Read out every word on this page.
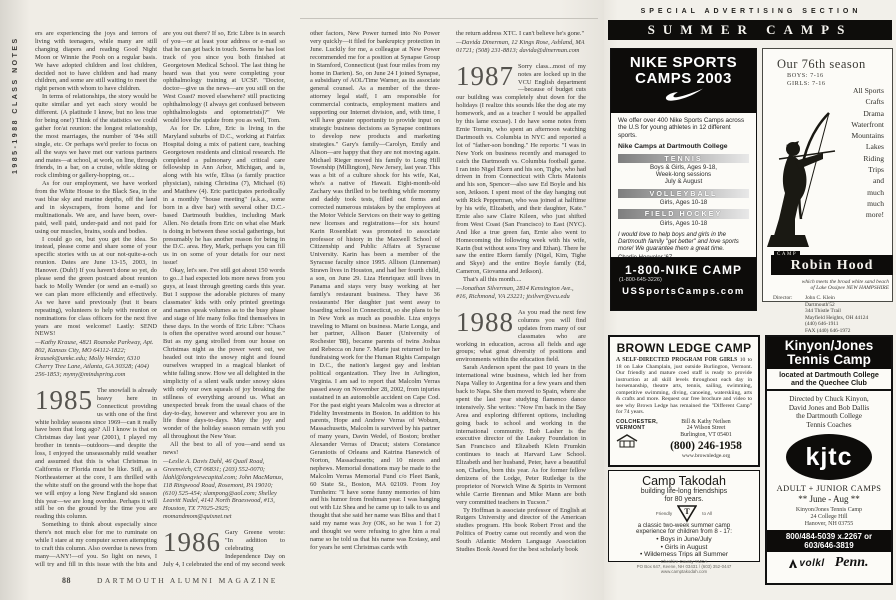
1985-1988 CLASS NOTES

ers are experiencing the joys and terrors of living with teenagers, while many are still changing diapers and reading Good Night Moon or Winnie the Pooh on a regular basis. We have adopted children and lost children, decided not to have children and had many children, and some are still waiting to meet the right person with whom to have children.

In terms of relationships, the story would be quite similar and yet each story would be different. (A platitude I know, but no less true for being one!) Think of the statistics we could gather for/at reunion: the longest relationship, the most marriages, the number of '84s still single, etc. Or perhaps we'd prefer to focus on all the ways we have met our various partners and mates—at school, at work, on line, through friends, in a bar, on a cruise, while skiing or rock climbing or gallery-hopping, or....

As for our employment, we have worked from the White House to the Black Sea, in the vast blue sky and marine depths, off the land and in skyscrapers, from home and for multinationals. We are, and have been, over-paid, well paid, under-paid and not paid for using our muscles, brains, souls and bodies.

I could go on, but you get the idea. So instead, please come and share some of your specific stories with us at our not-quite-a-och reunion. Dates are June 13-15, 2003, in Hanover. (Duh!) If you haven't done so yet, do please send the green postcard about reunion back to Molly Wender (or send an e-mail) so we can plan more efficiently and effectively. As we have said previously (but it bears repeating), volunteers to help with reunion or nominations for class officers for the next five years are most welcome! Lastly: SEND NEWS!

—Kathy Krause, 4821 Roanoke Parkway, Apt. 802, Kansas City, MO 64112-1822; krausek@umkc.edu; Molly Wender, 6310 Cherry Tree Lane, Atlanta, GA 30328; (404) 256-1853; mymy@mindspring.com

1985 The snowfall is already heavy here in Connecticut providing us with one of the first white holiday seasons since 1969—can it really have been that long ago? All I know is that on Christmas day last year (2001), I played my brother in tennis—outdoors—and despite the loss, I enjoyed the unseasonably mild weather and assumed that this is what Christmas in California or Florida must be like. Still, as a Northeasterner at the core, I am thrilled with the white stuff on the ground with the hope that we will enjoy a long New England ski season this year—we are long overdue. Perhaps it will still be on the ground by the time you are reading this column.

Something to think about especially since there's not much else for me to ruminate on while I stare at my computer screen attempting to craft this column. Also overdue is news from many—ANY!—of you. So light on news, I will try and fill in this issue with the bits and

are you out there? If so, Eric Libre is in search of you—or at least your address or e-mail so that he can get back in touch. Seems he has lost track of you since you both finished at Georgetown Medical School. The last thing he heard was that you were completing your ophthalmology training at UCSF. "Doctor, doctor—give us the news—are you still on the West Coast? moved elsewhere? still practicing ophthalmology (I always get confused between ophthalmologists and optometrists)?" We would love the update from you as well, Tom.

As for Dr. Libre, Eric is living in the Maryland suburbs of D.C., working at Fairfax Hospital doing a mix of patient care, teaching Georgetown residents and clinical research. He completed a pulmonary and critical care fellowship in Ann Arbor, Michigan, and is, along with his wife, Elisa (a family practice physician), raising Christina (7), Michael (6) and Matthew (4). Eric participates periodically in a monthly "house meeting" (a.k.a., some born in a dive bar) with several other D.C.-based Dartmouth buddies, including Mark Allen. No details from Eric on what else Mark is doing in between these social gatherings, but presumably he has another reason for being in the D.C. area. Hey, Mark, perhaps you can fill us in on some of your details for our next issue!

Okay, let's see. I've still got about 150 words to go...I had expected lots more news from you guys, at least through greeting cards this year. But I suppose the adorable pictures of many classmates' kids with only printed greetings and names speak volumes as to the busy phase and stage of life many folks find themselves in these days. In the words of Eric Libre: "Chaos is often the operative word around our house." But as my gang strolled from our house on Christmas night as the power went out, we headed out into the snowy night and found ourselves wrapped in a magical blanket of white falling snow. How we all delighted in the simplicity of a silent walk under snowy skies with only our own squeals of joy breaking the stillness of everything around us. What an unexpected break from the usual chaos of the day-to-day, however and wherever you are in life these days-to-days. May the joy and wonder of the holiday season remain with you all throughout the New Year.

All the best to all of you—and send us news!

—Leslie A. Davis Dahl, 46 Quail Road, Greenwich, CT 06831; (203) 552-0070; ldahl@longviewcapital.com; John MacManus, 118 Ringwood Road, Rosemont, PA 19010; (610) 525-454; slampong@aol.com; Shelley Leavitt Nadel, 4141 North Braeswood, #13, Houston, TX 77025-2925; momandmom@quixnet.net

1986 Gary Greene wrote: "In addition to celebrating Independence Day on July 4, I celebrated the end of my second week

other factors, New Power turned into No Power very quickly—it filed for bankruptcy protection in June. Luckily for me, a colleague at New Power recommended me for a position at Synapse Group in Stamford, Connecticut (just four miles from my home in Darien). So, on June 24 I joined Synapse, a subsidiary of AOL/Time Warner, as its associate general counsel. As a member of the three-attorney legal staff, I am responsible for commercial contracts, employment matters and supporting our Internet division, and, with time, I will have greater opportunity to provide input on strategic business decisions as Synapse continues to develop new products and marketing strategies." Gary's family—Carolyn, Emily and Alison—are happy that they are not moving again. Michael Rieger moved his family to Long Hill Township (Millington), New Jersey, last year. This was a bit of a culture shock for his wife, Kai, who's a native of Hawaii. Eight-month-old Zachary was thrilled to be teething while mommy and daddy took tests, filled out forms and corrected numerous mistakes by the employees at the Motor Vehicle Services on their way to getting new licenses and registrations—for six hours! Karin Rosenblatt was promoted to associate professor of history in the Maxwell School of Citizenship and Public Affairs at Syracuse University. Karin has been a member of the Syracuse faculty since 1995. Allison (Linneman) Strawn lives in Houston, and had her fourth child, a son, on June 29. Liza Henriquez still lives in Panama and stays very busy working at her family's restaurant business. They have 36 restaurants! Her daughter just went away to boarding school in Connecticut, so she plans to be in New York as much as possible. Liza enjoys traveling to Miami on business. Marie Longa, and her partner, Allison Bauer (University of Rochester '88), became parents of twins Joshua and Rebecca on June 7. Marie just returned to her fundraising work for the Human Rights Campaign in D.C., the nation's largest gay and lesbian political organization. They live in Arlington, Virginia. I am sad to report that Malcolm Verras passed away on November 28, 2002, from injuries sustained in an automobile accident on Cape Cod. For the past eight years Malcolm was a director at Fidelity Investments in Boston. In addition to his parents, Hope and Andrew Verras of Woburn, Massachusetts, Malcolm is survived by his partner of many years, Davin Wedel, of Boston; brother Alexander Verras of Dracut; sisters Constance Geraniotis of Orleans and Katrina Hanewich of Norton, Massachusetts; and 10 nieces and nephews. Memorial donations may be made to the Malcolm Verras Memorial Fund c/o Fleet Bank, 60 State St., Boston, MA 02109. From Joy Turnheim: "I have some funny memories of him and his humor from freshman year. I was hanging out with Liz Shea and he came up to talk to us and thought that she said her name was Bliss and that I said my name was Joy (OK, so he was 1 for 2) and thought we were refusing to give him a real name so he told us that his name was Ecstasy, and for years he sent Christmas cards with

the return address XTC. I can't believe he's gone."

—Davida Dinerman, 12 Kings Rose, Ashland, MA 01721; (508) 231-8813; davida@dinerman.com

1987 Sorry class...most of my notes are locked up in the VCU English department—because of budget cuts our building was completely shut down for the holidays (I realize this sounds like the dog ate my homework, and as a teacher I would be appalled by this lame excuse). I do have some notes from Ernie Torrain, who spent an afternoon watching Dartmouth vs. Columbia in NYC and reported a lot of "father-son bonding." He reports: "I was in New York on business recently and managed to catch the Dartmouth vs. Columbia football game. I ran into Nigel Ekern and his son, Tighe, who had driven in from Connecticut with Chris Matonis and his son, Spencer—also saw Ed Boyle and his son, Jeikson. I spent most of the day hanging out with Rick Pepperman, who was joined at halftime by his wife, Elizabeth, and their daughter, Kate." Ernie also saw Claire Kileen, who just shifted from West Coast (San Francisco) to East (NYC). And like a true green fan, Ernie also went to Homecoming the following week with his wife, Karin (but without sons Trey and Ethan). There he saw the entire Ekern family (Nigel, Kim, Tighe and Skye) and the entire Boyle family (Ed, Cameron, Giovanna and Jeikson).

That's all this month....

—Jonathan Silverman, 2814 Kensington Ave., #16, Richmond, VA 23221; jtsilver@vcu.edu

1988 As you read the next few columns you will find updates from many of our classmates who are working in education, across all fields and age groups; what great diversity of positions and environments within the education field.

Sarah Anderson spent the past 10 years in the international wine business, which led her from Napa Valley to Argentina for a few years and then back to Napa. She then moved to Spain, where she spent the last year studying flamenco dance intensively. She writes: "Now I'm back in the Bay Area and exploring different options, including going back to school and working in the international community. Bob Lasher is the executive director of the Leakey Foundation in San Francisco and Elizabeth Klein Frumkin continues to teach at Harvard Law School. Elizabeth and her husband, Peter, have a beautiful son, Charles, born this year. As for former fellow denizens of the Lodge, Peter Rutledge is the proprietor of Norwich Wine & Spirits in Vermont while Carrie Brennan and Mike Mann are both very committed teachers in Tucson."

Ty Hoffman is associate professor of English at Rutgers University and director of the American studies program. His book Robert Frost and the Politics of Poetry came out recently and won the South Atlantic Modern Language Association Studies Book Award for the best scholarly book

88	DARTMOUTH ALUMNI MAGAZINE
SPECIAL ADVERTISING SECTION
SUMMER CAMPS
NIKE SPORTS
CAMPS 2003
We offer over 400 Nike Sports Camps across the U.S for young athletes in 12 different sports.
Nike Camps at Dartmouth College
TENNIS
Boys & Girls, Ages 9-18,
Week-long sessions
July & August
VOLLEYBALL
Girls, Ages 10-18
FIELD HOCKEY
Girls, Ages 10-18
I would love to help boys and girls in the Dartmouth family "get better" and love sports more! We guarantee them a great time.
1-800-NIKE CAMP
(1-800-645-3226)
USSportsCamps.com
Our 76th season
BOYS: 7-16
GIRLS: 7-16
All Sports
Crafts
Drama
Waterfront
Mountains
Lakes
Riding
Trips
and
much
much
more!
CAMP
Robin Hood
which meets the broad white sand beach
of Lake Ossipee NEW HAMPSHIRE
Director:	John C. Klein
Dartmouth'52
344 Thistle Trail
Mayfield Heights, OH 44124
(440) 646-1911
FAX (440) 646-1972
BROWN LEDGE CAMP
A SELF-DIRECTED PROGRAM FOR GIRLS 10 to 18 on Lake Champlain, just outside Burlington, Vermont. Our friendly and mature coed staff is ready to provide instruction at all skill levels throughout each day in horsemanship, theatre arts, tennis, sailing, swimming, competitive swimming, diving, canoeing, waterskiing, arts & crafts and more. Request our free brochure and video to see why Brown Ledge has remained the "Different Camp" for 74 years.
COLCHESTER,
VERMONT
Bill & Kathy Neilsen
24 Wilson Street
Burlington, VT 05401
(800) 246-1958
www.brownledge.org
Camp Takodah
building life-long friendships
for 80 years.
Friendly T	to All
a classic two-week summer camp
experience for children from 8 - 17:
• Boys in June/July
• Girls in August
• Wilderness Trips all Summer
Cheshire County YMCA
PO Box 647, Keene, NH 03431 / (603) 352-0447
www.camptakodah.com
Kinyon/Jones
Tennis Camp
located at Dartmouth College
and the Quechee Club
Directed by Chuck Kinyon,
David Jones and Bob Dallis
the Dartmouth College
Tennis Coaches
kjtc
ADULT + JUNIOR CAMPS
** June - Aug **
Kinyon/Jones Tennis Camp
24 College Hill
Hanover, NH 03755
800/484-5039 x.2267 or
603/646-3819
volkl Penn.
